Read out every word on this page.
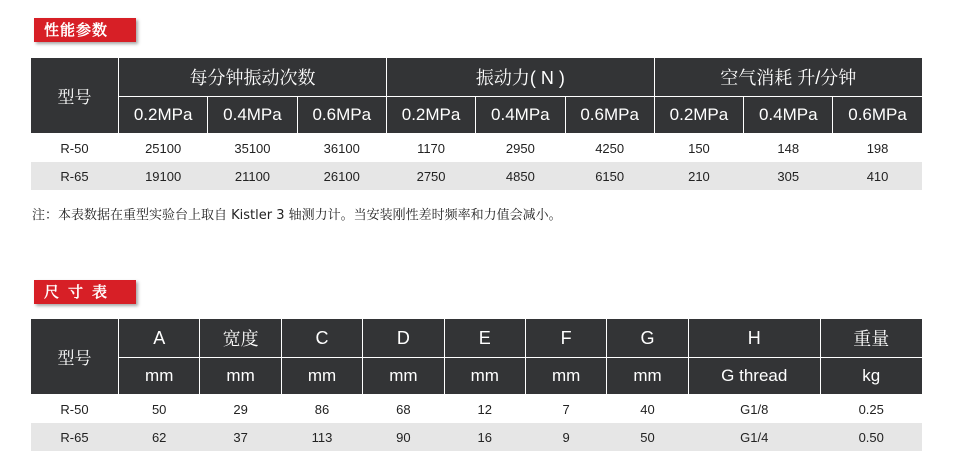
性能参数
型号	每分钟振动次数			振动力( N )			空气消耗 升/分钟		
	0.2MPa	0.4MPa	0.6MPa	0.2MPa	0.4MPa	0.6MPa	0.2MPa	0.4MPa	0.6MPa
R-50	25100	35100	36100	1170	2950	4250	150	148	198
R-65	19100	21100	26100	2750	4850	6150	210	305	410
注：本表数据在重型实验台上取自 Kistler 3 轴测力计。当安装刚性差时频率和力值会减小。
尺寸表
型号	A	宽度	C	D	E	F	G	H	重量
	mm	mm	mm	mm	mm	mm	mm	G thread	kg
R-50	50	29	86	68	12	7	40	G1/8	0.25
R-65	62	37	113	90	16	9	50	G1/4	0.50
